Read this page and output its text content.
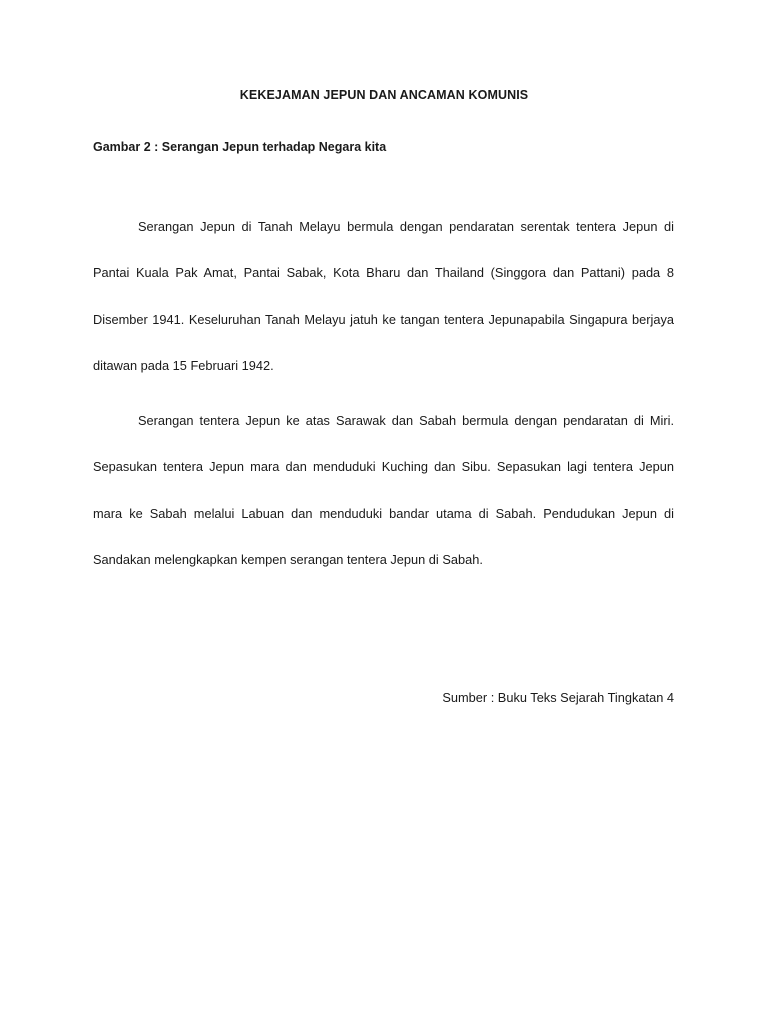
KEKEJAMAN JEPUN DAN ANCAMAN KOMUNIS
Gambar 2 : Serangan Jepun terhadap Negara kita

Serangan Jepun di Tanah Melayu bermula dengan pendaratan serentak tentera Jepun di Pantai Kuala Pak Amat, Pantai Sabak, Kota Bharu dan Thailand (Singgora dan Pattani) pada 8 Disember 1941. Keseluruhan Tanah Melayu jatuh ke tangan tentera Jepunapabila Singapura berjaya ditawan pada 15 Februari 1942.

Serangan tentera Jepun ke atas Sarawak dan Sabah bermula dengan pendaratan di Miri. Sepasukan tentera Jepun mara dan menduduki Kuching dan Sibu. Sepasukan lagi tentera Jepun mara ke Sabah melalui Labuan dan menduduki bandar utama di Sabah. Pendudukan Jepun di Sandakan melengkapkan kempen serangan tentera Jepun di Sabah.

Sumber : Buku Teks Sejarah Tingkatan 4
